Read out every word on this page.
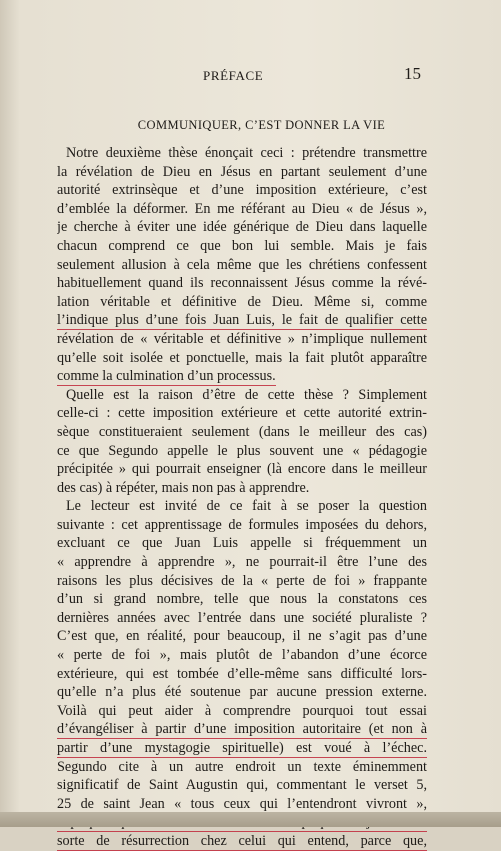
PRÉFACE	15
COMMUNIQUER, C’EST DONNER LA VIE
Notre deuxième thèse énonçait ceci : prétendre transmettre
la révélation de Dieu en Jésus en partant seulement d’une
autorité extrinsèque et d’une imposition extérieure, c’est
d’emblée la déformer. En me référant au Dieu « de Jésus »,
je cherche à éviter une idée générique de Dieu dans laquelle
chacun comprend ce que bon lui semble. Mais je fais
seulement allusion à cela même que les chrétiens confessent
habituellement quand ils reconnaissent Jésus comme la révé-
lation véritable et définitive de Dieu. Même si, comme
l’indique plus d’une fois Juan Luis, le fait de qualifier cette
révélation de « véritable et définitive » n’implique nullement
qu’elle soit isolée et ponctuelle, mais la fait plutôt apparaître
comme la culmination d’un processus.
Quelle est la raison d’être de cette thèse ? Simplement
celle-ci : cette imposition extérieure et cette autorité extrin-
sèque constitueraient seulement (dans le meilleur des cas)
ce que Segundo appelle le plus souvent une « pédagogie
précipitée » qui pourrait enseigner (là encore dans le meilleur
des cas) à répéter, mais non pas à apprendre.
Le lecteur est invité de ce fait à se poser la question
suivante : cet apprentissage de formules imposées du dehors,
excluant ce que Juan Luis appelle si fréquemment un
« apprendre à apprendre », ne pourrait-il être l’une des
raisons les plus décisives de la « perte de foi » frappante
d’un si grand nombre, telle que nous la constatons ces
dernières années avec l’entrée dans une société pluraliste ?
C’est que, en réalité, pour beaucoup, il ne s’agit pas d’une
« perte de foi », mais plutôt de l’abandon d’une écorce
extérieure, qui est tombée d’elle-même sans difficulté lors-
qu’elle n’a plus été soutenue par aucune pression externe.
Voilà qui peut aider à comprendre pourquoi tout essai
d’évangéliser à partir d’une imposition autoritaire (et non à
partir d’une mystagogie spirituelle) est voué à l’échec.
Segundo cite à un autre endroit un texte éminemment
significatif de Saint Augustin qui, commentant le verset 5,
25 de saint Jean « tous ceux qui l’entendront vivront »,
sorte de résurrection chez celui qui entend, parce que,
